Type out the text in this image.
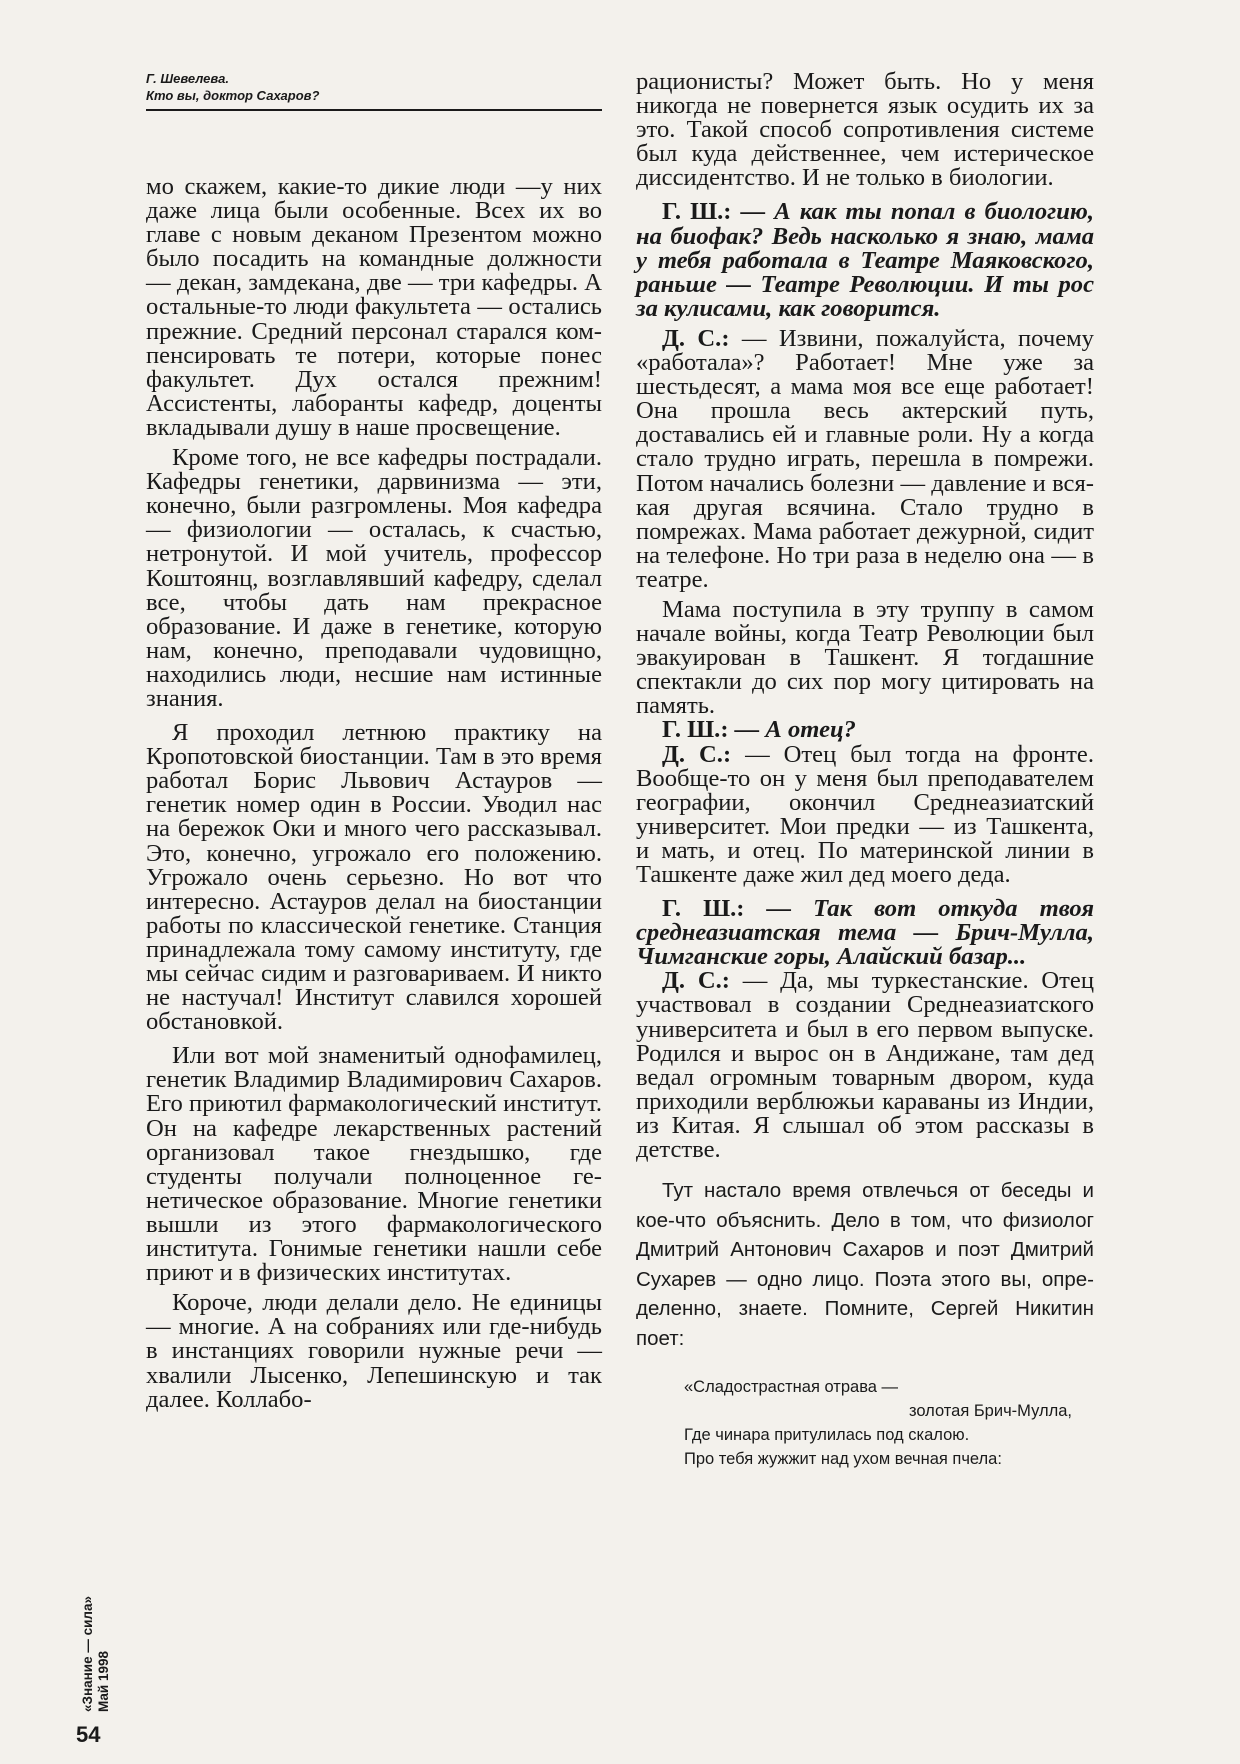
Г. Шевелева.
Кто вы, доктор Сахаров?

мо скажем, какие-то дикие люди —у них даже лица были особенные. Всех их во главе с новым деканом Презентом можно было посадить на командные должности — декан, замдекана, две — три кафедры. А остальные-то люди факультета — остались прежние. Средний персонал старался компенсировать те потери, которые понес факультет. Дух остался прежним! Ассистенты, лаборанты кафедр, доценты вкладывали душу в наше просвещение.

Кроме того, не все кафедры пострадали. Кафедры генетики, дарвинизма — эти, конечно, были разгромлены. Моя кафедра — физиологии — осталась, к счастью, нетронутой. И мой учитель, профессор Коштоянц, возглавлявший кафедру, сделал все, чтобы дать нам прекрасное образование. И даже в генетике, которую нам, конечно, преподавали чудовищно, находились люди, несшие нам истинные знания.

Я проходил летнюю практику на Кропотовской биостанции. Там в это время работал Борис Львович Астауров — генетик номер один в России. Уводил нас на бережок Оки и много чего рассказывал. Это, конечно, угрожало его положению. Угрожало очень серьезно. Но вот что интересно. Астауров делал на биостанции работы по классической генетике. Станция принадлежала тому самому институту, где мы сейчас сидим и разговариваем. И никто не настучал! Институт славился хорошей обстановкой.

Или вот мой знаменитый однофамилец, генетик Владимир Владимирович Сахаров. Его приютил фармакологический институт. Он на кафедре лекарственных растений организовал такое гнездышко, где студенты получали полноценное генетическое образование. Многие генетики вышли из этого фармакологического института. Гонимые генетики нашли себе приют и в физических институтах.

Короче, люди делали дело. Не единицы — многие. А на собраниях или где-нибудь в инстанциях говорили нужные речи — хвалили Лысенко, Лепешинскую и так далее. Коллабо-

рационисты? Может быть. Но у меня никогда не повернется язык осудить их за это. Такой способ сопротивления системе был куда действеннее, чем истерическое диссидентство. И не только в биологии.

Г. Ш.: — А как ты попал в биологию, на биофак? Ведь насколько я знаю, мама у тебя работала в Театре Маяковского, раньше — Театре Революции. И ты рос за кулисами, как говорится.

Д. С.: — Извини, пожалуйста, почему «работала»? Работает! Мне уже за шестьдесят, а мама моя все еще работает! Она прошла весь актерский путь, доставались ей и главные роли. Ну а когда стало трудно играть, перешла в помрежи. Потом начались болезни — давление и всякая другая всячина. Стало трудно в помрежах. Мама работает дежурной, сидит на телефоне. Но три раза в неделю она — в театре.

Мама поступила в эту труппу в самом начале войны, когда Театр Революции был эвакуирован в Ташкент. Я тогдашние спектакли до сих пор могу цитировать на память.

Г. Ш.: — А отец?

Д. С.: — Отец был тогда на фронте. Вообще-то он у меня был преподавателем географии, окончил Среднеазиатский университет. Мои предки — из Ташкента, и мать, и отец. По материнской линии в Ташкенте даже жил дед моего деда.

Г. Ш.: — Так вот откуда твоя среднеазиатская тема — Брич-Мулла, Чимганские горы, Алайский базар...

Д. С.: — Да, мы туркестанские. Отец участвовал в создании Среднеазиатского университета и был в его первом выпуске. Родился и вырос он в Андижане, там дед ведал огромным товарным двором, куда приходили верблюжьи караваны из Индии, из Китая. Я слышал об этом рассказы в детстве.

Тут настало время отвлечься от беседы и кое-что объяснить. Дело в том, что физиолог Дмитрий Антонович Сахаров и поэт Дмитрий Сухарев — одно лицо. Поэта этого вы, определенно, знаете. Помните, Сергей Никитин поет:

«Сладострастная отрава —
золотая Брич-Мулла,
Где чинара притулилась под скалою.
Про тебя жужжит над ухом вечная пчела:
«Знание — сила» Май 1998
54
